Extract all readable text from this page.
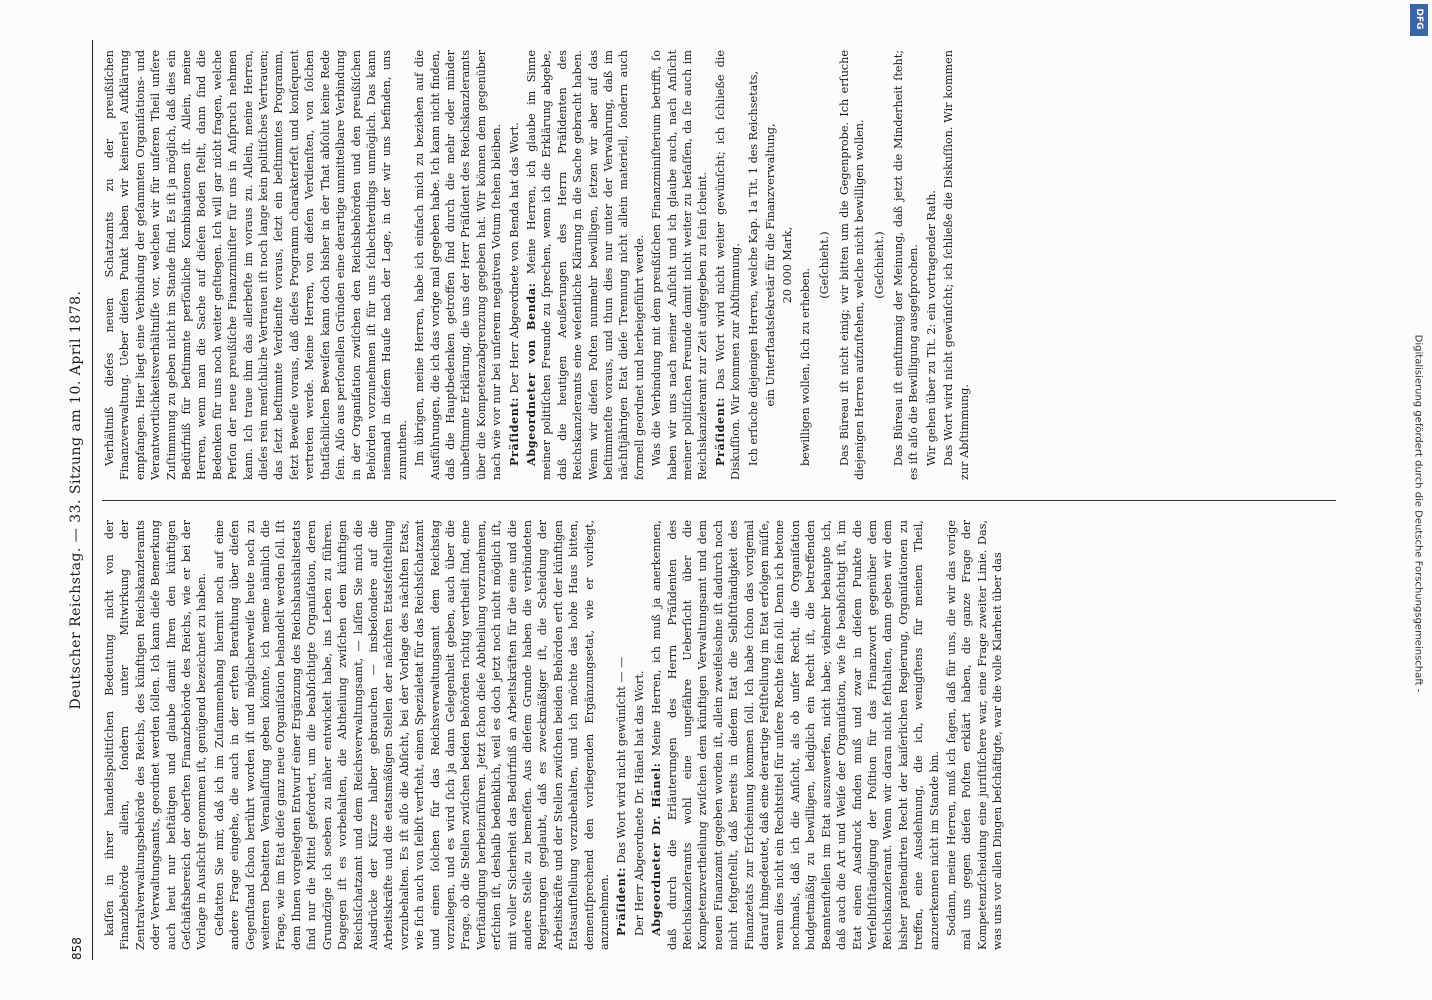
DFG
Digitalisierung gefördert durch die Deutsche Forschungsgemeinschaft -
858
Deutscher Reichstag. — 33. Sitzung am 10. April 1878.

kaſſen in ihrer handelspolitiſchen Bedeutung nicht von der Finanzbehörde allein, ſondern unter Mitwirkung der Zentralverwaltungsbehörde des Reichs, des künftigen Reichskanzleramts oder Verwaltungsamts, geordnet werden ſollen. Ich kann dieſe Bemerkung auch heut nur beſtätigen und glaube damit Ihren den künftigen Geſchäftsbereich der oberſten Finanzbehörde des Reichs, wie er bei der Vorlage in Ausſicht genommen iſt, genügend bezeichnet zu haben. Geſtatten Sie mir, daß ich im Zuſammenhang hiermit noch auf eine andere Frage eingehe, die auch in der erſten Berathung über dieſen Gegenſtand ſchon berührt worden iſt und möglicherweiſe heute noch zu weiteren Debatten Veranlaſſung geben könnte, ich meine nämlich die Frage, wie im Etat dieſe ganz neue Organiſation behandelt werden ſoll. Iſt dem Ihnen vorgelegten Entwurf einer Ergänzung des Reichshaushaltsetats ſind nur die Mittel gefordert, um die beabſichtigte Organiſation, deren Grundzüge ich soeben zu näher entwickelt habe, ins Leben zu führen. Dagegen iſt es vorbehalten, die Abtheilung zwiſchen dem künftigen Reichsſchatzamt und dem Reichsverwaltungsamt, — laſſen Sie mich die Ausdrücke der Kürze halber gebrauchen — insbeſondere auf die Arbeitskräfte und die etatsmäßigen Stellen der nächſten Etatsfeſtſtellung vorzubehalten. Es iſt alſo die Abſicht, bei der Vorlage des nächſten Etats, wie ſich auch von ſelbſt verſteht, einen Spezialetat für das Reichsſchatzamt und einen ſolchen für das Reichsverwaltungsamt dem Reichstag vorzulegen, und es wird ſich ja dann Gelegenheit geben, auch über die Frage, ob die Stellen zwiſchen beiden Behörden richtig vertheilt ſind, eine Verſtändigung herbeizuführen. Jetzt ſchon dieſe Abtheilung vorzunehmen, erſchien iſt, deshalb bedenklich, weil es doch jetzt noch nicht möglich iſt, mit voller Sicherheit das Bedürfniß an Arbeitskräften für die eine und die andere Stelle zu bemeſſen. Aus dieſem Grunde haben die verbündeten Regierungen geglaubt, daß es zweckmäßiger iſt, die Scheidung der Arbeitskräfte und der Stellen zwiſchen beiden Behörden erſt der künftigen Etatsaufſtellung vorzubehalten, und ich möchte das hohe Haus bitten, dementſprechend den vorliegenden Ergänzungsetat, wie er vorliegt, anzunehmen. Präſident: Das Wort wird nicht gewünſcht — — Der Herr Abgeordnete Dr. Hänel hat das Wort. Abgeordneter Dr. Hänel: Meine Herren, ich muß ja anerkennen, daß durch die Erläuterungen des Herrn Präſidenten des Reichskanzleramts wohl eine ungefähre Ueberſicht über die Kompetenzvertheilung zwiſchen dem künftigen Verwaltungsamt und dem neuen Finanzamt gegeben worden iſt, allein zweifelsohne iſt dadurch noch nicht feſtgeſtellt, daß bereits in dieſem Etat die Selbſtſtändigkeit des Finanzetats zur Erſcheinung kommen ſoll. Ich habe ſchon das vorigemal darauf hingedeutet, daß eine derartige Feſtſtellung im Etat erfolgen müſſe, wenn dies nicht ein Rechtstitel für unſere Rechte ſein ſoll. Denn ich betone nochmals, daß ich die Anſicht, als ob unſer Recht, die Organiſation budgetmäßig zu bewilligen, lediglich ein Recht iſt, die betreffenden Beamtenſtellen im Etat auszuwerfen, nicht habe; vielmehr behaupte ich, daß auch die Art und Weiſe der Organiſation, wie ſie beabſichtigt iſt, im Etat einen Ausdruck finden muß und zwar in dieſem Punkte die Verſelbſtſtändigung der Poſition für das Finanzwort gegenüber dem Reichskanzleramt. Wenn wir daran nicht feſthalten, dann geben wir dem bisher prätendirten Recht der kaiſerlichen Regierung, Organiſationen zu treffen, eine Ausdehnung, die ich, wenigſtens für meinen Theil, anzuerkennen nicht im Stande bin. Sodann, meine Herren, muß ich ſagen, daß für uns, die wir das vorige mal uns gegen dieſen Poſten erklärt haben, die ganze Frage der Kompetenzſcheidung eine juriſtiſchere war, eine Frage zweiter Linie. Das, was uns vor allen Dingen beſchäftigte, war die volle Klarheit über das

Verhältniß dieſes neuen Schatzamts zu der preußiſchen Finanzverwaltung. Ueber dieſen Punkt haben wir keinerlei Aufklärung empfangen. Hier liegt eine Verbindung der geſammten Organiſations- und Verantwortlichkeitsverhältniſſe vor, welchen wir für unſeren Theil unſere Zuſtimmung zu geben nicht im Stande ſind. Es iſt ja möglich, daß dies ein Bedürfniß für beſtimmte perſönliche Kombinationen iſt. Allein, meine Herren, wenn man die Sache auf dieſen Boden ſtellt, dann ſind die Bedenken für uns noch weiter geſtiegen. Ich will gar nicht fragen, welche Perſon der neue preußiſche Finanzminiſter für uns in Anſpruch nehmen kann. Ich traue ihm das allerbeſte im voraus zu. Allein, meine Herren, dieſes rein menſchliche Vertrauen iſt noch lange kein politiſches Vertrauen; das ſetzt beſtimmte Verdienſte voraus, ſetzt ein beſtimmtes Programm, ſetzt Beweiſe voraus, daß dieſes Programm charakterfeſt und konſequent vertreten werde. Meine Herren, von dieſen Verdienſten, von ſolchen thatſächlichen Beweiſen kann doch bisher in der That abſolut keine Rede ſein. Alſo aus perſonellen Gründen eine derartige unmittelbare Verbindung in der Organiſation zwiſchen den Reichsbehörden und den preußiſchen Behörden vorzunehmen iſt für uns ſchlechterdings unmöglich. Das kann niemand in dieſem Hauſe nach der Lage, in der wir uns befinden, uns zumuthen. Im übrigen, meine Herren, habe ich einfach mich zu beziehen auf die Ausführungen, die ich das vorige mal gegeben habe. Ich kann nicht finden, daß die Hauptbedenken getroffen ſind durch die mehr oder minder unbeſtimmte Erklärung, die uns der Herr Präſident des Reichskanzleramts über die Kompetenzabgrenzung gegeben hat. Wir können dem gegenüber nach wie vor nur bei unſerem negativen Votum ſtehen bleiben. Präſident: Der Herr Abgeordnete von Benda hat das Wort. Abgeordneter von Benda: Meine Herren, ich glaube im Sinne meiner politiſchen Freunde zu ſprechen, wenn ich die Erklärung abgebe, daß die heutigen Aeußerungen des Herrn Präſidenten des Reichskanzleramts eine weſentliche Klärung in die Sache gebracht haben. Wenn wir dieſen Poſten nunmehr bewilligen, ſetzen wir aber auf das beſtimmteſte voraus, und thun dies nur unter der Verwahrung, daß im nächſtjährigen Etat dieſe Trennung nicht allein materiell, ſondern auch formell geordnet und herbeigeführt werde. Was die Verbindung mit dem preußiſchen Finanzminiſterium betrifft, ſo haben wir uns nach meiner Anſicht und ich glaube auch, nach Anſicht meiner politiſchen Freunde damit nicht weiter zu befaſſen, da ſie auch im Reichskanzleramt zur Zeit aufgegeben zu ſein ſcheint. Präſident: Das Wort wird nicht weiter gewünſcht; ich ſchließe die Diskuſſion. Wir kommen zur Abſtimmung. Ich erſuche diejenigen Herren, welche Kap. 1a Tit. 1 des Reichsetats, ein Unterſtaatsſekretär für die Finanzverwaltung, 20 000 Mark,

bewilligen wollen, ſich zu erheben.

(Geſchieht.) Das Büreau iſt nicht einig; wir bitten um die Gegenprobe. Ich erſuche diejenigen Herren aufzuſtehen, welche nicht bewilligen wollen. (Geſchieht.) Das Büreau iſt einſtimmig der Meinung, daß jetzt die Minderheit ſteht; es iſt alſo die Bewilligung ausgeſprochen. Wir gehen über zu Tit. 2: ein vortragender Rath. Das Wort wird nicht gewünſcht; ich ſchließe die Diskuſſion. Wir kommen zur Abſtimmung.
